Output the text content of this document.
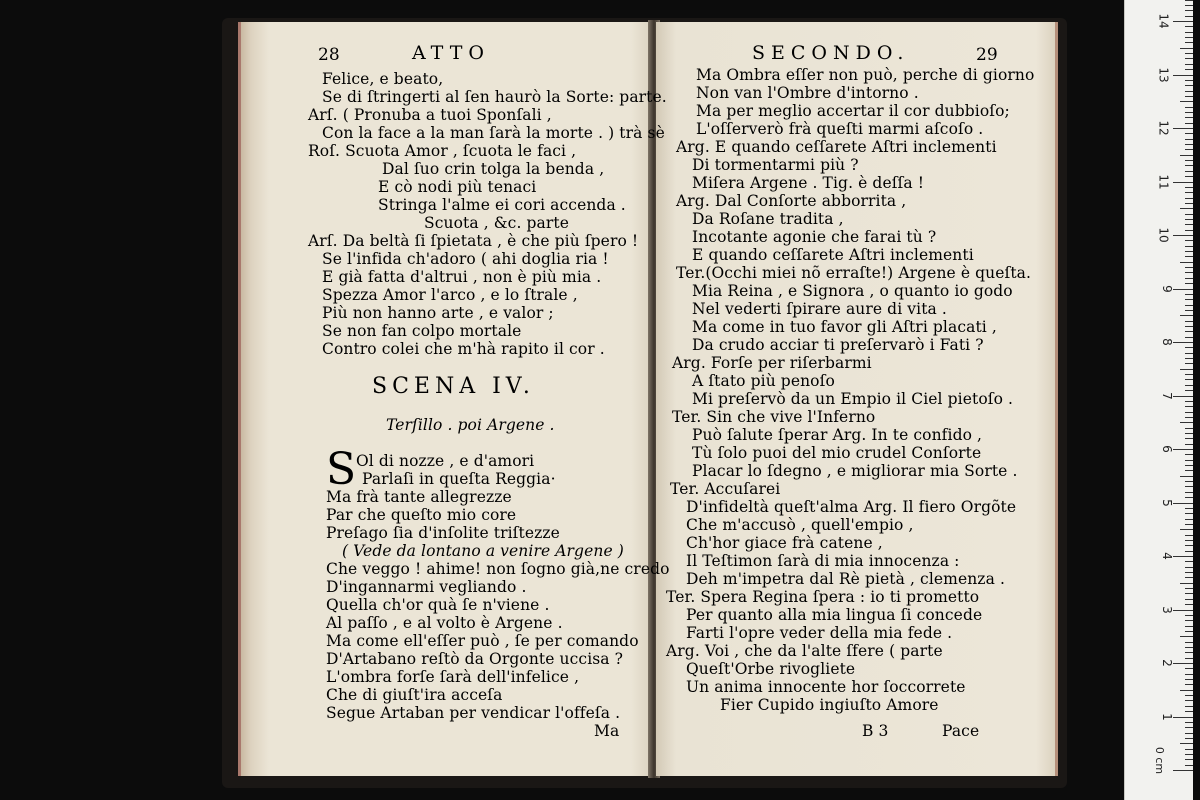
28	ATTO
Felice, e beato,
Se di ſtringerti al ſen haurò la Sorte: parte.
Arſ. ( Pronuba a tuoi Sponſali ,
Con la face a la man ſarà la morte . ) trà sè
Roſ. Scuota Amor , ſcuota le faci ,
Dal ſuo crin tolga la benda ,
E cò nodi più tenaci
Stringa l'alme ei cori accenda .
Scuota , &c. parte
Arſ. Da beltà ſi ſpietata , è che più ſpero !
Se l'infida ch'adoro ( ahi doglia ria !
E già fatta d'altrui , non è più mia .
Spezza Amor l'arco , e lo ſtrale ,
Più non hanno arte , e valor ;
Se non fan colpo mortale
Contro colei che m'hà rapito il cor .
SCENA IV.
Terſillo . poi Argene .
S Ol di nozze , e d'amori
Parlaſi in queſta Reggia·
Ma frà tante allegrezze
Par che queſto mio core
Preſago ſia d'inſolite triſtezze
( Vede da lontano a venire Argene )
Che veggo ! ahime! non ſogno già,ne credo
D'ingannarmi vegliando .
Quella ch'or quà ſe n'viene .
Al paſſo , e al volto è Argene .
Ma come ell'eſſer può , ſe per comando
D'Artabano reſtò da Orgonte uccisa ?
L'ombra forſe ſarà dell'infelice ,
Che di giuſt'ira acceſa
Segue Artaban per vendicar l'offeſa .
Ma
SECONDO.	29
Ma Ombra eſſer non può, perche di giorno
Non van l'Ombre d'intorno .
Ma per meglio accertar il cor dubbioſo;
L'oſſerverò frà queſti marmi aſcoſo .
Arg. E quando ceſſarete Aſtri inclementi
Di tormentarmi più ?
Miſera Argene . Tig. è deſſa !
Arg. Dal Conſorte abborrita ,
Da Roſane tradita ,
Incotante agonie che farai tù ?
E quando ceſſarete Aſtri inclementi
Ter.(Occhi miei nõ erraſte!) Argene è queſta.
Mia Reina , e Signora , o quanto io godo
Nel vederti ſpirare aure di vita .
Ma come in tuo favor gli Aſtri placati ,
Da crudo acciar ti preſervarò i Fati ?
Arg. Forſe per riſerbarmi
A ſtato più penoſo
Mi preſervò da un Empio il Ciel pietoſo .
Ter. Sin che vive l'Inferno
Può ſalute ſperar Arg. In te confido ,
Tù ſolo puoi del mio crudel Conſorte
Placar lo ſdegno , e migliorar mia Sorte .
Ter. Accuſarei
D'infideltà queſt'alma Arg. Il fiero Orgõte
Che m'accusò , quell'empio ,
Ch'hor giace frà catene ,
Il Teſtimon ſarà di mia innocenza :
Deh m'impetra dal Rè pietà , clemenza .
Ter. Spera Regina ſpera : io ti prometto
Per quanto alla mia lingua ſi concede
Farti l'opre veder della mia fede .
Arg. Voi , che da l'alte ſfere ( parte
Queſt'Orbe rivogliete
Un anima innocente hor ſoccorrete
Fier Cupido ingiuſto Amore
B 3	Pace
0 cm
1
2
3
4
5
6
7
8
9
10
11
12
13
14
